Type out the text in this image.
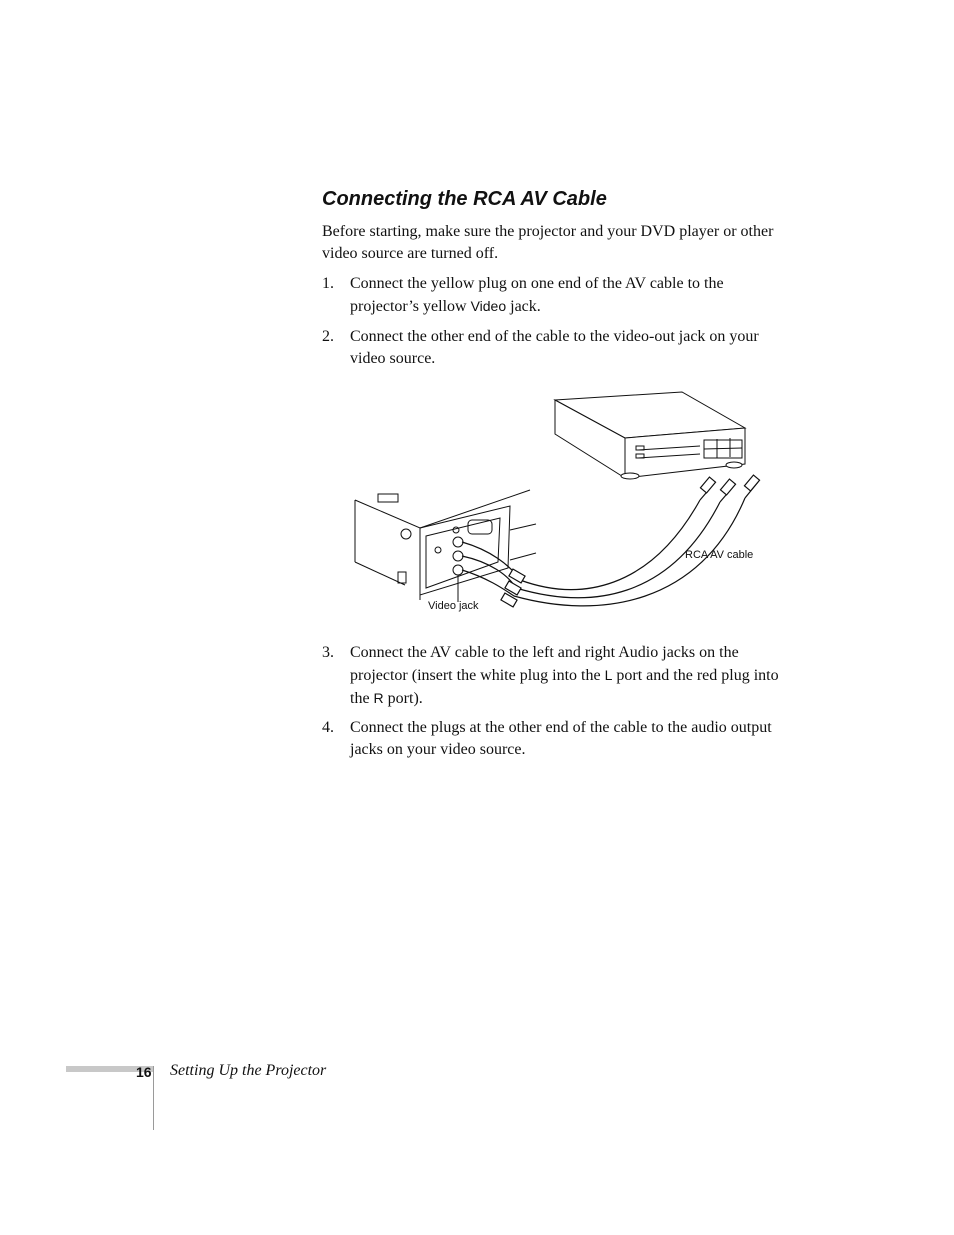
Connecting the RCA AV Cable

Before starting, make sure the projector and your DVD player or other video source are turned off.

1. Connect the yellow plug on one end of the AV cable to the projector’s yellow Video jack.
2. Connect the other end of the cable to the video-out jack on your video source.
RCA AV cable
Video jack
3. Connect the AV cable to the left and right Audio jacks on the projector (insert the white plug into the L port and the red plug into the R port).
4. Connect the plugs at the other end of the cable to the audio output jacks on your video source.
16 Setting Up the Projector
